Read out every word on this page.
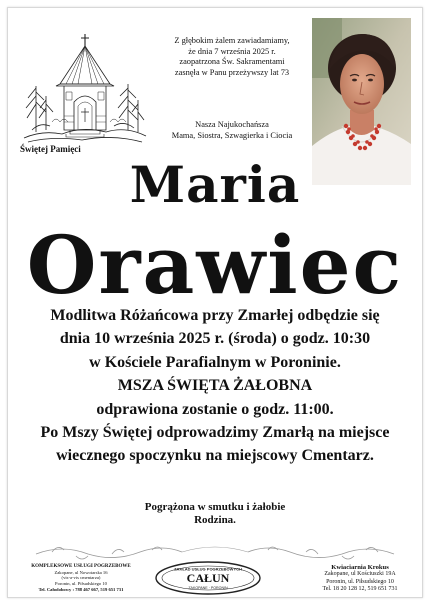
Świętej Pamięci
Z głębokim żalem zawiadamiamy,
że dnia 7 września 2025 r.
zaopatrzona Św. Sakramentami
zasnęła w Panu przeżywszy lat 73
Nasza Najukochańsza
Mama, Siostra, Szwagierka i Ciocia
Maria
Orawiec
Modlitwa Różańcowa przy Zmarłej odbędzie się
dnia 10 września 2025 r. (środa) o godz. 10:30
w Kościele Parafialnym w Poroninie.
MSZA ŚWIĘTA ŻAŁOBNA
odprawiona zostanie o godz. 11:00.
Po Mszy Świętej odprowadzimy Zmarłą na miejsce
wiecznego spoczynku na miejscowy Cmentarz.
Pogrążona w smutku i żałobie
Rodzina.
KOMPLEKSOWE USŁUGI POGRZEBOWE
Zakopane, ul Nowotarska 16
(vis-a-vis cmentarza)
Poronin, ul. Piłsudskiego 10
Tel. Całodobowy : 788 467 667, 519 651 731
ZAKŁAD USŁUG POGRZEBOWYCH
CAŁUN
ZAKOPANE · PORONIN
Kwiaciarnia Krokus
Zakopane, ul Kościuszki 19A
Poronin, ul. Piłsudskiego 10
Tel. 18 20 128 12, 519 651 731
